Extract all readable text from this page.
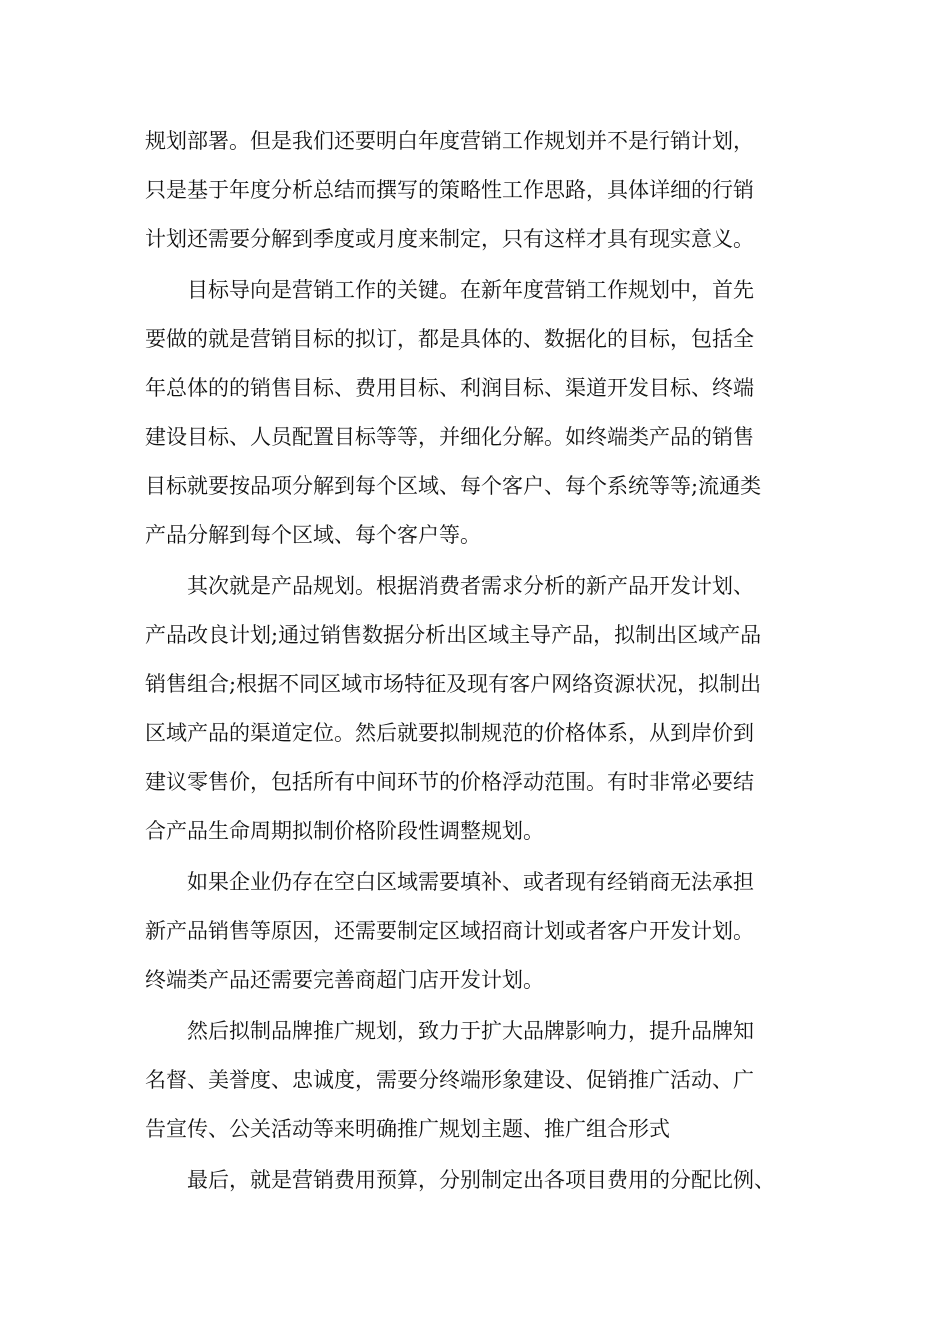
规划部署。但是我们还要明白年度营销工作规划并不是行销计划，

只是基于年度分析总结而撰写的策略性工作思路，具体详细的行销

计划还需要分解到季度或月度来制定，只有这样才具有现实意义。

目标导向是营销工作的关键。在新年度营销工作规划中，首先

要做的就是营销目标的拟订，都是具体的、数据化的目标，包括全

年总体的的销售目标、费用目标、利润目标、渠道开发目标、终端

建设目标、人员配置目标等等，并细化分解。如终端类产品的销售

目标就要按品项分解到每个区域、每个客户、每个系统等等;流通类

产品分解到每个区域、每个客户等。

其次就是产品规划。根据消费者需求分析的新产品开发计划、

产品改良计划;通过销售数据分析出区域主导产品，拟制出区域产品

销售组合;根据不同区域市场特征及现有客户网络资源状况，拟制出

区域产品的渠道定位。然后就要拟制规范的价格体系，从到岸价到

建议零售价，包括所有中间环节的价格浮动范围。有时非常必要结

合产品生命周期拟制价格阶段性调整规划。

如果企业仍存在空白区域需要填补、或者现有经销商无法承担

新产品销售等原因，还需要制定区域招商计划或者客户开发计划。

终端类产品还需要完善商超门店开发计划。

然后拟制品牌推广规划，致力于扩大品牌影响力，提升品牌知

名督、美誉度、忠诚度，需要分终端形象建设、促销推广活动、广

告宣传、公关活动等来明确推广规划主题、推广组合形式

最后，就是营销费用预算，分别制定出各项目费用的分配比例、
